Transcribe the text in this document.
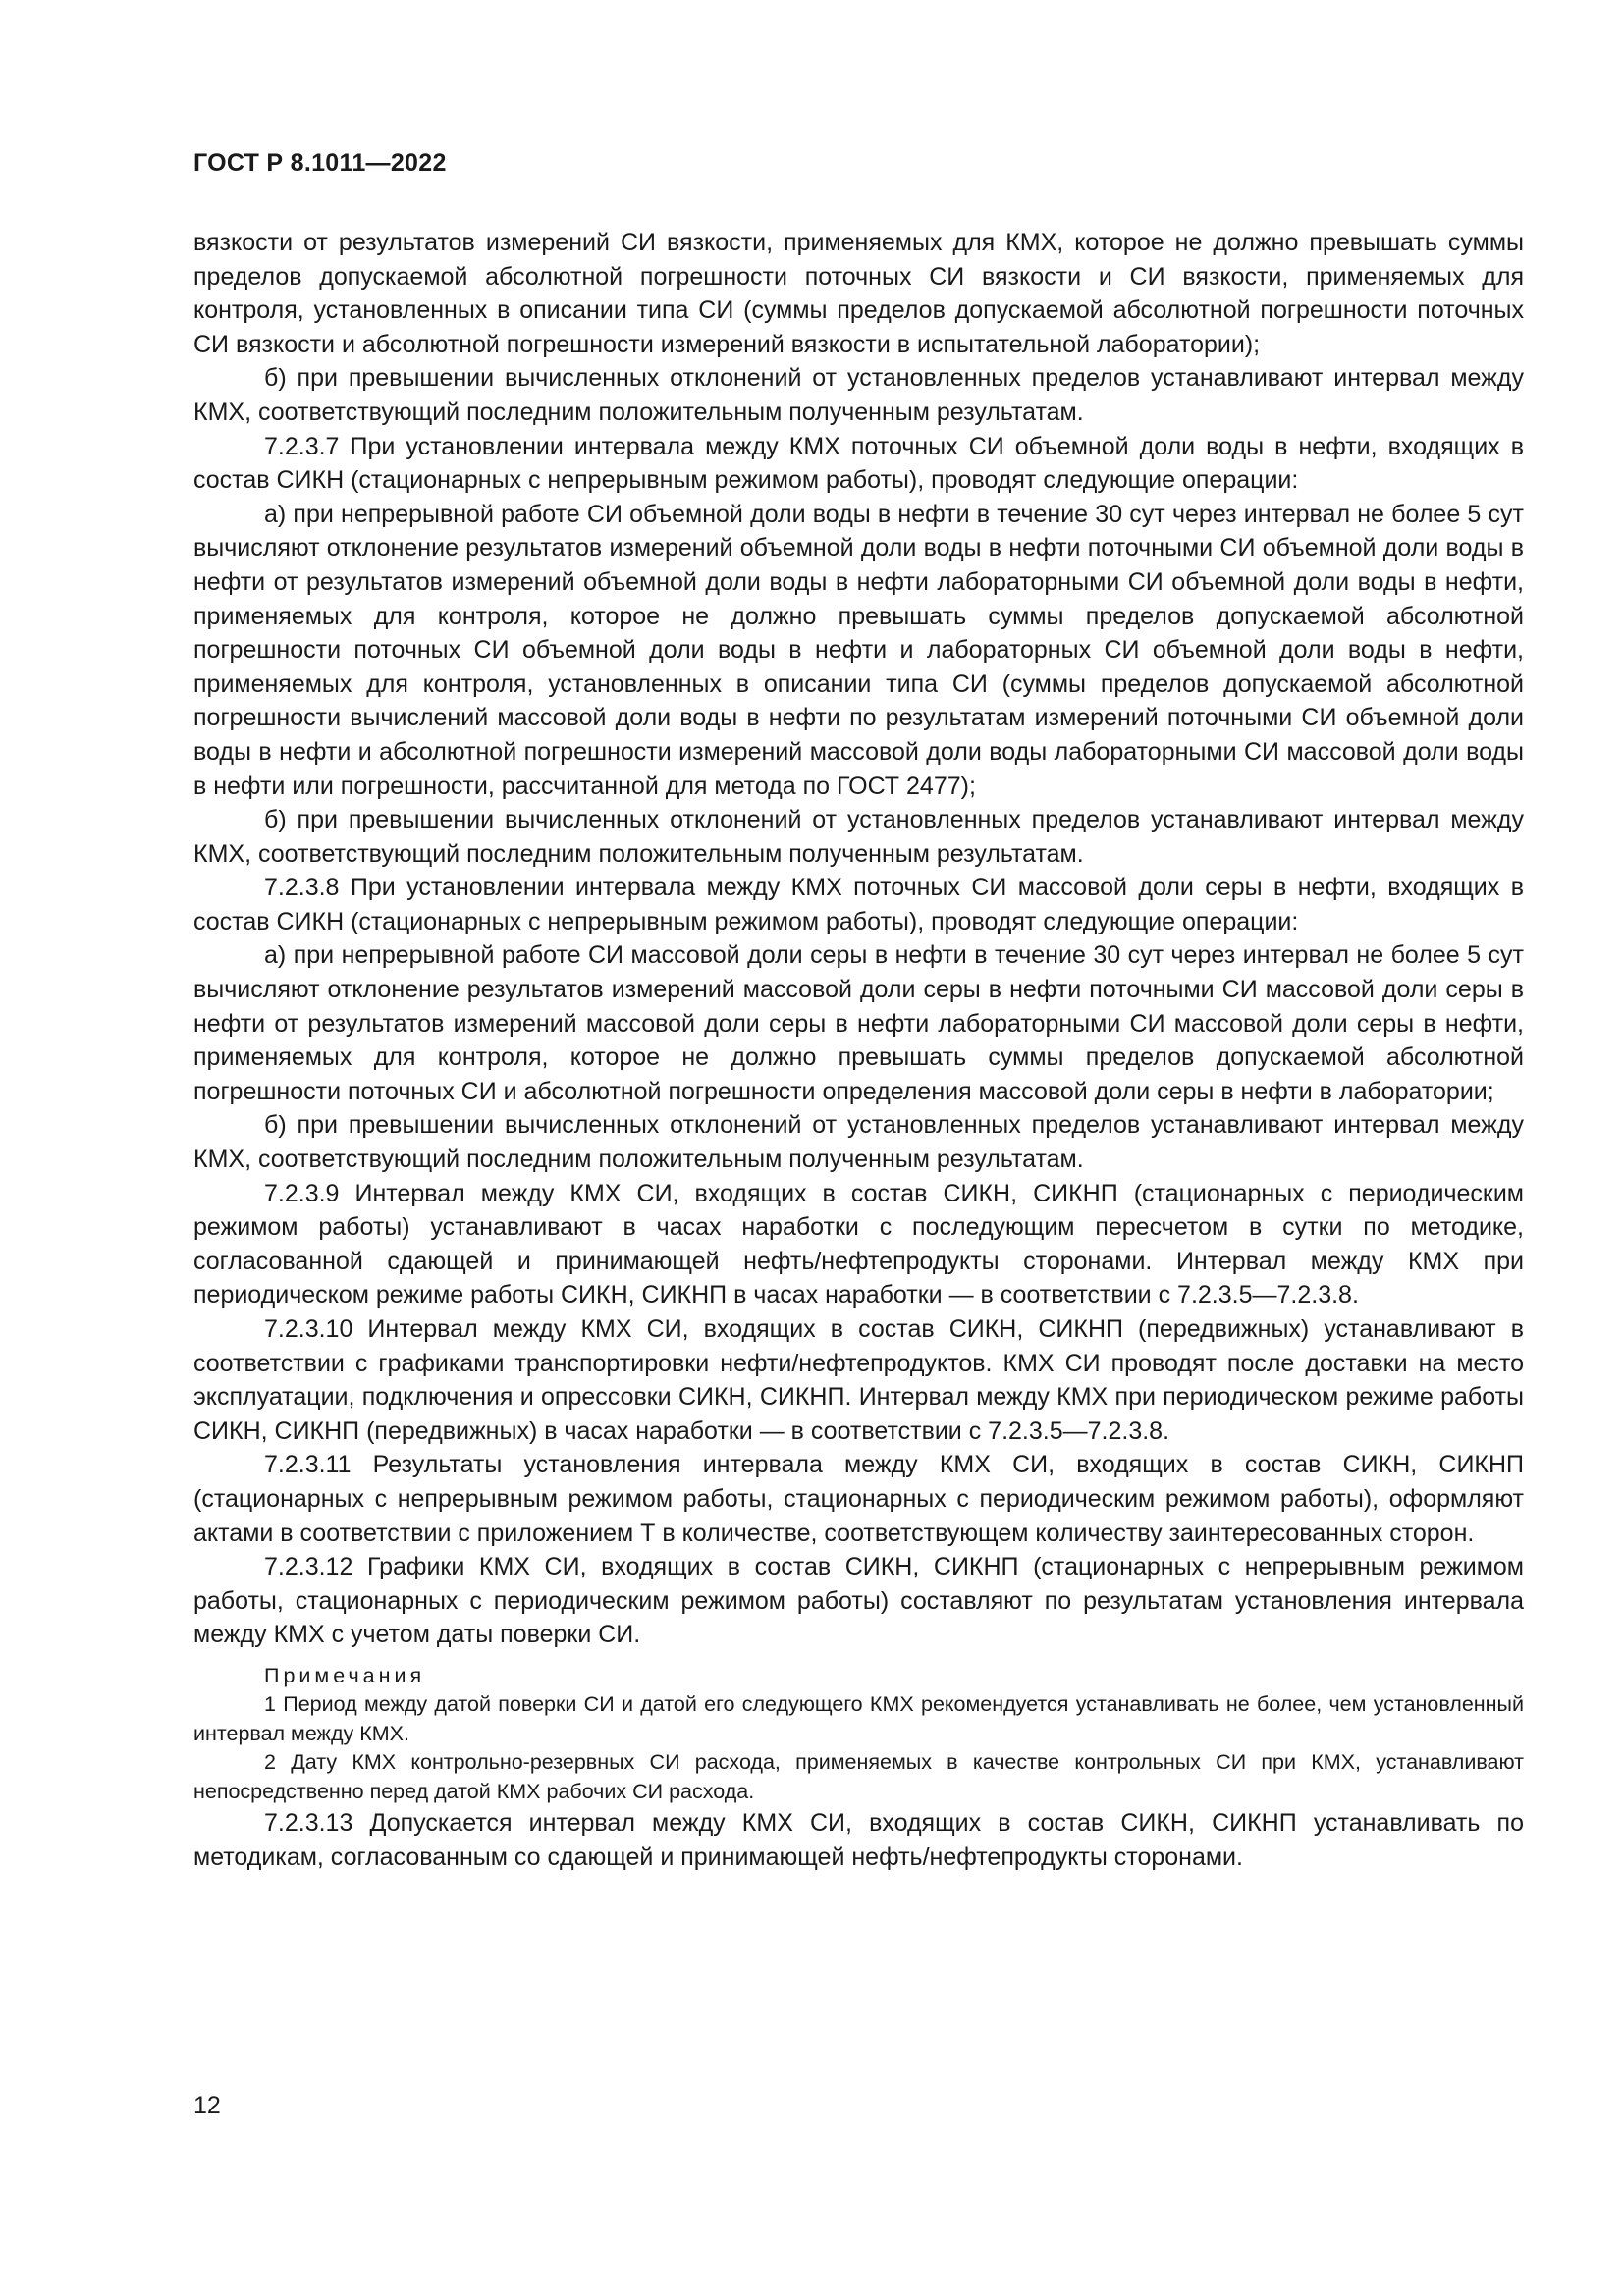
ГОСТ Р 8.1011—2022

вязкости от результатов измерений СИ вязкости, применяемых для КМХ, которое не должно превышать суммы пределов допускаемой абсолютной погрешности поточных СИ вязкости и СИ вязкости, применяемых для контроля, установленных в описании типа СИ (суммы пределов допускаемой абсолютной погрешности поточных СИ вязкости и абсолютной погрешности измерений вязкости в испытательной лаборатории);

б) при превышении вычисленных отклонений от установленных пределов устанавливают интервал между КМХ, соответствующий последним положительным полученным результатам.

7.2.3.7 При установлении интервала между КМХ поточных СИ объемной доли воды в нефти, входящих в состав СИКН (стационарных с непрерывным режимом работы), проводят следующие операции:

а) при непрерывной работе СИ объемной доли воды в нефти в течение 30 сут через интервал не более 5 сут вычисляют отклонение результатов измерений объемной доли воды в нефти поточными СИ объемной доли воды в нефти от результатов измерений объемной доли воды в нефти лабораторными СИ объемной доли воды в нефти, применяемых для контроля, которое не должно превышать суммы пределов допускаемой абсолютной погрешности поточных СИ объемной доли воды в нефти и лабораторных СИ объемной доли воды в нефти, применяемых для контроля, установленных в описании типа СИ (суммы пределов допускаемой абсолютной погрешности вычислений массовой доли воды в нефти по результатам измерений поточными СИ объемной доли воды в нефти и абсолютной погрешности измерений массовой доли воды лабораторными СИ массовой доли воды в нефти или погрешности, рассчитанной для метода по ГОСТ 2477);

б) при превышении вычисленных отклонений от установленных пределов устанавливают интервал между КМХ, соответствующий последним положительным полученным результатам.

7.2.3.8 При установлении интервала между КМХ поточных СИ массовой доли серы в нефти, входящих в состав СИКН (стационарных с непрерывным режимом работы), проводят следующие операции:

а) при непрерывной работе СИ массовой доли серы в нефти в течение 30 сут через интервал не более 5 сут вычисляют отклонение результатов измерений массовой доли серы в нефти поточными СИ массовой доли серы в нефти от результатов измерений массовой доли серы в нефти лабораторными СИ массовой доли серы в нефти, применяемых для контроля, которое не должно превышать суммы пределов допускаемой абсолютной погрешности поточных СИ и абсолютной погрешности определения массовой доли серы в нефти в лаборатории;

б) при превышении вычисленных отклонений от установленных пределов устанавливают интервал между КМХ, соответствующий последним положительным полученным результатам.

7.2.3.9 Интервал между КМХ СИ, входящих в состав СИКН, СИКНП (стационарных с периодическим режимом работы) устанавливают в часах наработки с последующим пересчетом в сутки по методике, согласованной сдающей и принимающей нефть/нефтепродукты сторонами. Интервал между КМХ при периодическом режиме работы СИКН, СИКНП в часах наработки — в соответствии с 7.2.3.5—7.2.3.8.

7.2.3.10 Интервал между КМХ СИ, входящих в состав СИКН, СИКНП (передвижных) устанавливают в соответствии с графиками транспортировки нефти/нефтепродуктов. КМХ СИ проводят после доставки на место эксплуатации, подключения и опрессовки СИКН, СИКНП. Интервал между КМХ при периодическом режиме работы СИКН, СИКНП (передвижных) в часах наработки — в соответствии с 7.2.3.5—7.2.3.8.

7.2.3.11 Результаты установления интервала между КМХ СИ, входящих в состав СИКН, СИКНП (стационарных с непрерывным режимом работы, стационарных с периодическим режимом работы), оформляют актами в соответствии с приложением Т в количестве, соответствующем количеству заинтересованных сторон.

7.2.3.12 Графики КМХ СИ, входящих в состав СИКН, СИКНП (стационарных с непрерывным режимом работы, стационарных с периодическим режимом работы) составляют по результатам установления интервала между КМХ с учетом даты поверки СИ.

Примечания

1 Период между датой поверки СИ и датой его следующего КМХ рекомендуется устанавливать не более, чем установленный интервал между КМХ.

2 Дату КМХ контрольно-резервных СИ расхода, применяемых в качестве контрольных СИ при КМХ, устанавливают непосредственно перед датой КМХ рабочих СИ расхода.

7.2.3.13 Допускается интервал между КМХ СИ, входящих в состав СИКН, СИКНП устанавливать по методикам, согласованным со сдающей и принимающей нефть/нефтепродукты сторонами.

12
